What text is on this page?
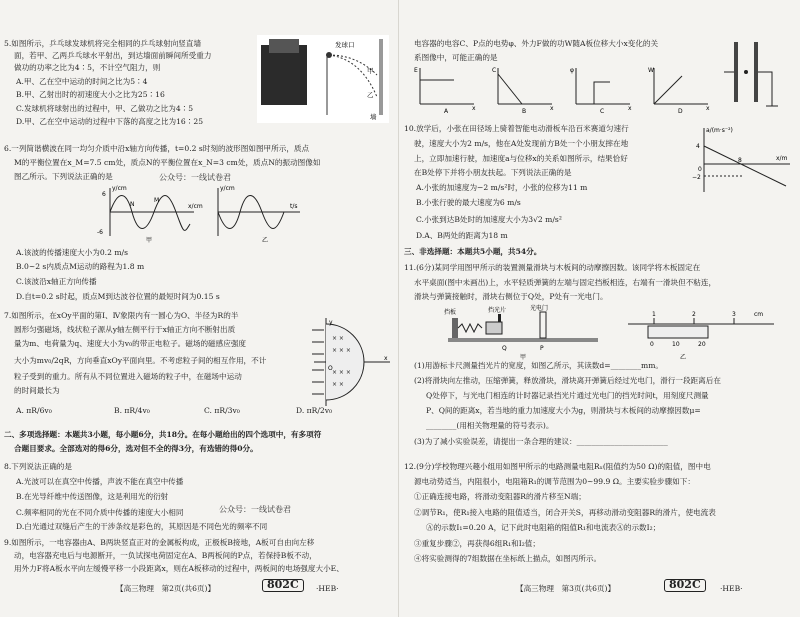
5.如图所示，乒乓球发球机将完全相同的乒乓球射向竖直墙

面，若甲、乙两乒乓球水平射出，到达墙面前瞬间所受重力

做功的功率之比为4∶5，不计空气阻力，则

A.甲、乙在空中运动的时间之比为5∶4

B.甲、乙射出时的初速度大小之比为25∶16

C.发球机将球射出的过程中，甲、乙做功之比为4∶5

D.甲、乙在空中运动的过程中下落的高度之比为16∶25

发球口
甲
乙
墙

6.一列简谐横波在同一均匀介质中沿x轴方向传播，t=0.2 s时刻的波形图如图甲所示，质点

M的平衡位置在x_M=7.5 cm处，质点N的平衡位置在x_N=3 cm处，质点N的振动图像如

图乙所示。下列说法正确的是	公众号：一线试卷君
y/cm
x/cm
6
-6
N
M
甲
y/cm
t/s
乙

A.该波的传播速度大小为0.2 m/s

B.0~2 s内质点M运动的路程为1.8 m

C.该波沿x轴正方向传播

D.自t=0.2 s时起，质点M到达波谷位置的最短时间为0.15 s

7.如图所示，在xOy平面的第Ⅰ、Ⅳ象限内有一圆心为O、半径为R的半

圆形匀强磁场，线状粒子源从y轴左侧平行于x轴正方向不断射出质

量为m、电荷量为q、速度大小为v₀的带正电粒子。磁场的磁感应强度

大小为mv₀/2qR，方向垂直xOy平面向里。不考虑粒子间的相互作用，不计

粒子受到的重力。所有从不同位置进入磁场的粒子中，在磁场中运动

的时间最长为

A. πR/6v₀	B. πR/4v₀	C. πR/3v₀	D. πR/2v₀

× ×
× × ×
× × ×
× ×
x
y
O

二、多项选择题：本题共3小题，每小题6分，共18分。在每小题给出的四个选项中，有多项符

合题目要求。全部选对的得6分，选对但不全的得3分，有选错的得0分。

8.下列说法正确的是

A.光波可以在真空中传播，声波不能在真空中传播

B.在光导纤维中传送图像，这是利用光的衍射

公众号：一线试卷君

C.频率相同的光在不同介质中传播的速度大小相同

D.白光通过双缝后产生的干涉条纹是彩色的，其原因是不同色光的频率不同

9.如图所示，一电容器由A、B两块竖直正对的金属板构成，正极板B接地，A板可自由向左移

动，电容器充电后与电源断开，一负试探电荷固定在A、B两板间的P点，若保持B板不动，

用外力F将A板水平向左缓慢平移一小段距离x，则在A板移动的过程中，两板间的电场强度大小E、

【高三物理　第2页(共6页)】	802C	·HEB·

电容器的电容C、P点的电势φ、外力F做的功W随A板位移大小x变化的关

系图像中，可能正确的是

E
x
A
C
x
B
φ
x
C
W
x
D

10.放学后，小张在田径场上骑着智能电动滑板车沿百米赛道匀速行

驶，速度大小为2 m/s，他在A处发现前方B处一个小朋友摔在地

上，立即加速行驶，加速度a与位移x的关系如图所示，结果恰好

在B处停下并将小朋友扶起。下列说法正确的是

A.小张的加速度为−2 m/s²时，小张的位移为11 m

B.小张行驶的最大速度为6 m/s

C.小张到达B处时的加速度大小为3√2 m/s²

D.A、B两处的距离为18 m

a/(m·s⁻²)
x/m
4
−2
0
8

三、非选择题：本题共5小题，共54分。

11.(6分)某同学用图甲所示的装置测量滑块与木板间的动摩擦因数。该同学将木板固定在

水平桌面(图中未画出)上，水平轻质弹簧的左端与固定挡板相连，右端有一滑块但不粘连，

滑块与弹簧接触时，滑块右侧位于Q处，P处有一光电门。

挡板	挡光片	光电门
P
Q
甲
1	2	3	cm
0	10	20
乙

(1)用游标卡尺测量挡光片的宽度，如图乙所示，其读数d=________mm。

(2)将滑块向左推动，压缩弹簧，释放滑块，滑块离开弹簧后经过光电门，滑行一段距离后在

Q处停下，与光电门相连的计时器记录挡光片通过光电门的挡光时间t，用刻度尺测量

P、Q间的距离x，若当地的重力加速度大小为g，则滑块与木板间的动摩擦因数μ=

________(用相关物理量的符号表示)。

(3)为了减小实验误差，请提出一条合理的建议：________________________

12.(9分)学校物理兴趣小组用如图甲所示的电路测量电阻Rₓ(阻值约为50 Ω)的阻值，图中电

源电动势适当，内阻很小，电阻箱R₁的调节范围为0~99.9 Ω。主要实验步骤如下：

①正确连接电路，将滑动变阻器R的滑片移至N端；

②调节R₁，使R₁接入电路的阻值适当，闭合开关S，再移动滑动变阻器R的滑片，使电流表

Ⓐ的示数I₁=0.20 A，记下此时电阻箱的阻值R₁和电流表Ⓐ的示数I₂；

③重复步骤②，再获得6组R₁和I₂值；

④将实验测得的7组数据在坐标纸上描点，如图丙所示。

【高三物理　第3页(共6页)】	802C	·HEB·
